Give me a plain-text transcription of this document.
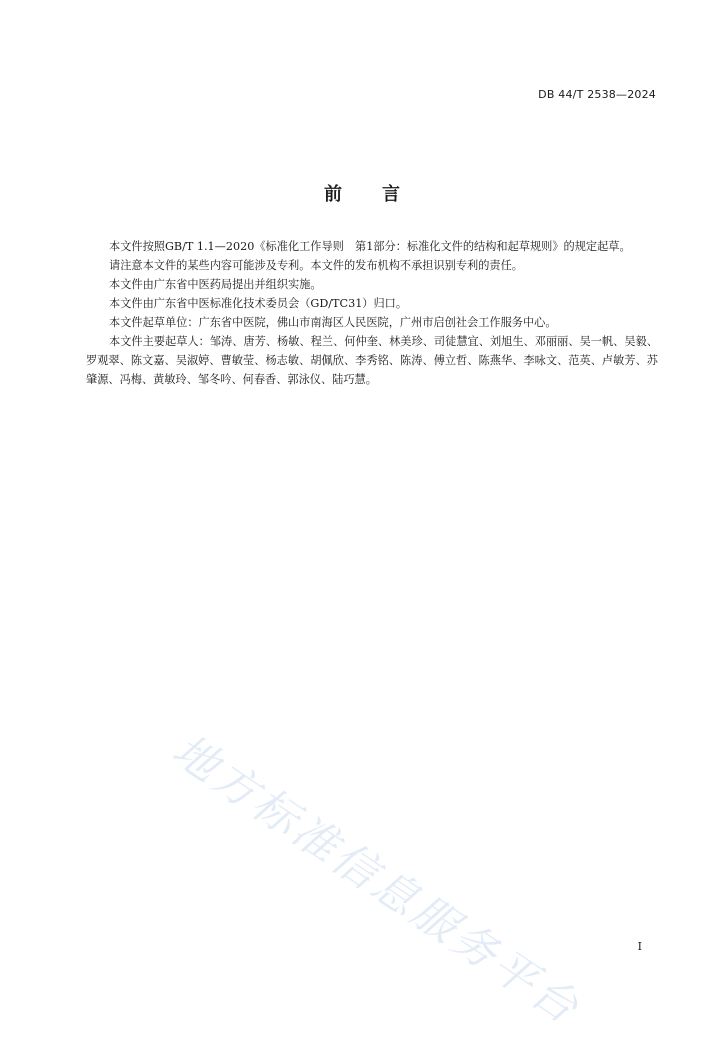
DB 44/T 2538—2024
前言

本文件按照GB/T 1.1—2020《标准化工作导则　第1部分：标准化文件的结构和起草规则》的规定起草。

请注意本文件的某些内容可能涉及专利。本文件的发布机构不承担识别专利的责任。

本文件由广东省中医药局提出并组织实施。

本文件由广东省中医标准化技术委员会（GD/TC31）归口。

本文件起草单位：广东省中医院，佛山市南海区人民医院，广州市启创社会工作服务中心。

本文件主要起草人：邹涛、唐芳、杨敏、程兰、何仲奎、林美珍、司徒慧宜、刘旭生、邓丽丽、吴一帆、吴毅、罗观翠、陈文嘉、吴淑婷、曹敏莹、杨志敏、胡佩欣、李秀铭、陈涛、傅立哲、陈燕华、李咏文、范英、卢敏芳、苏肇源、冯梅、黄敏玲、邹冬吟、何春香、郭泳仪、陆巧慧。

地方标准信息服务平台	I
